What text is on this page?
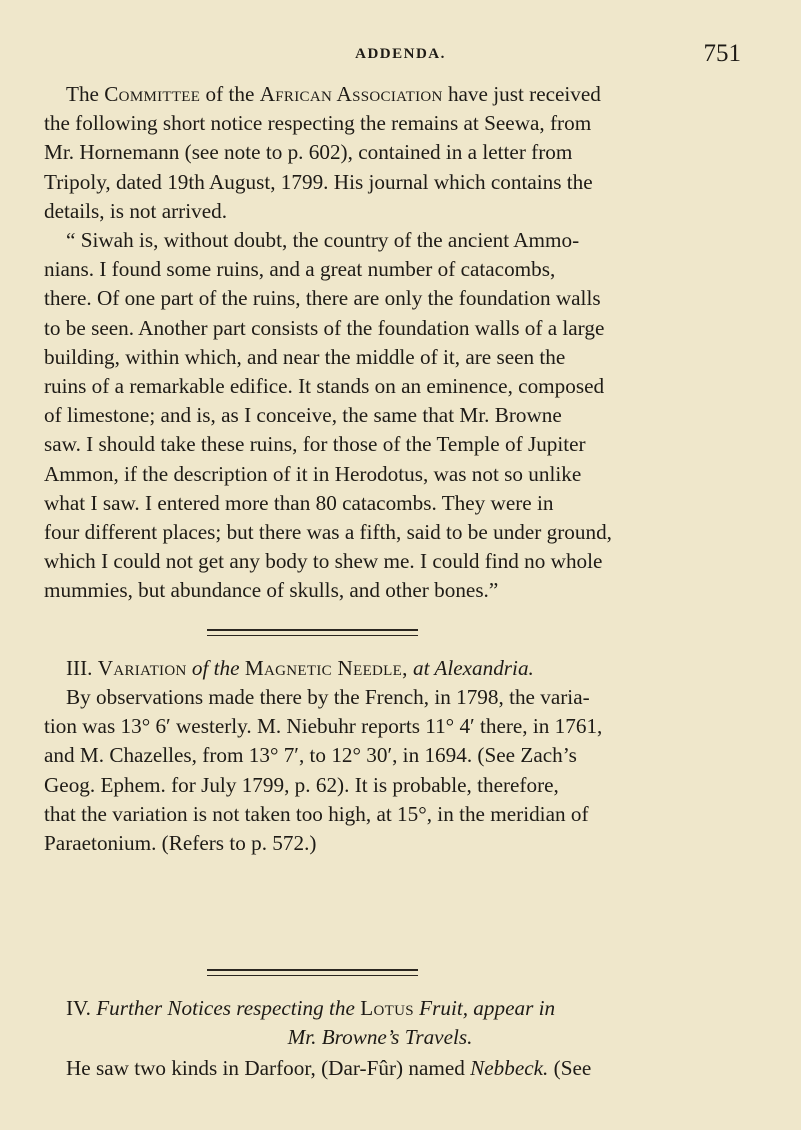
ADDENDA.	751

The Committee of the African Association have just received
the following short notice respecting the remains at Seewa, from
Mr. Hornemann (see note to p. 602), contained in a letter from
Tripoly, dated 19th August, 1799. His journal which contains the
details, is not arrived.
“ Siwah is, without doubt, the country of the ancient Ammo-
nians. I found some ruins, and a great number of catacombs,
there. Of one part of the ruins, there are only the foundation walls
to be seen. Another part consists of the foundation walls of a large
building, within which, and near the middle of it, are seen the
ruins of a remarkable edifice. It stands on an eminence, composed
of limestone; and is, as I conceive, the same that Mr. Browne
saw. I should take these ruins, for those of the Temple of Jupiter
Ammon, if the description of it in Herodotus, was not so unlike
what I saw. I entered more than 80 catacombs. They were in
four different places; but there was a fifth, said to be under ground,
which I could not get any body to shew me. I could find no whole
mummies, but abundance of skulls, and other bones.”

III. Variation of the Magnetic Needle, at Alexandria.

By observations made there by the French, in 1798, the varia-
tion was 13° 6′ westerly. M. Niebuhr reports 11° 4′ there, in 1761,
and M. Chazelles, from 13° 7′, to 12° 30′, in 1694. (See Zach’s
Geog. Ephem. for July 1799, p. 62). It is probable, therefore,
that the variation is not taken too high, at 15°, in the meridian of
Paraetonium. (Refers to p. 572.)

IV. Further Notices respecting the Lotus Fruit, appear in

Mr. Browne’s Travels.

He saw two kinds in Darfoor, (Dar-Fûr) named Nebbeck. (See
